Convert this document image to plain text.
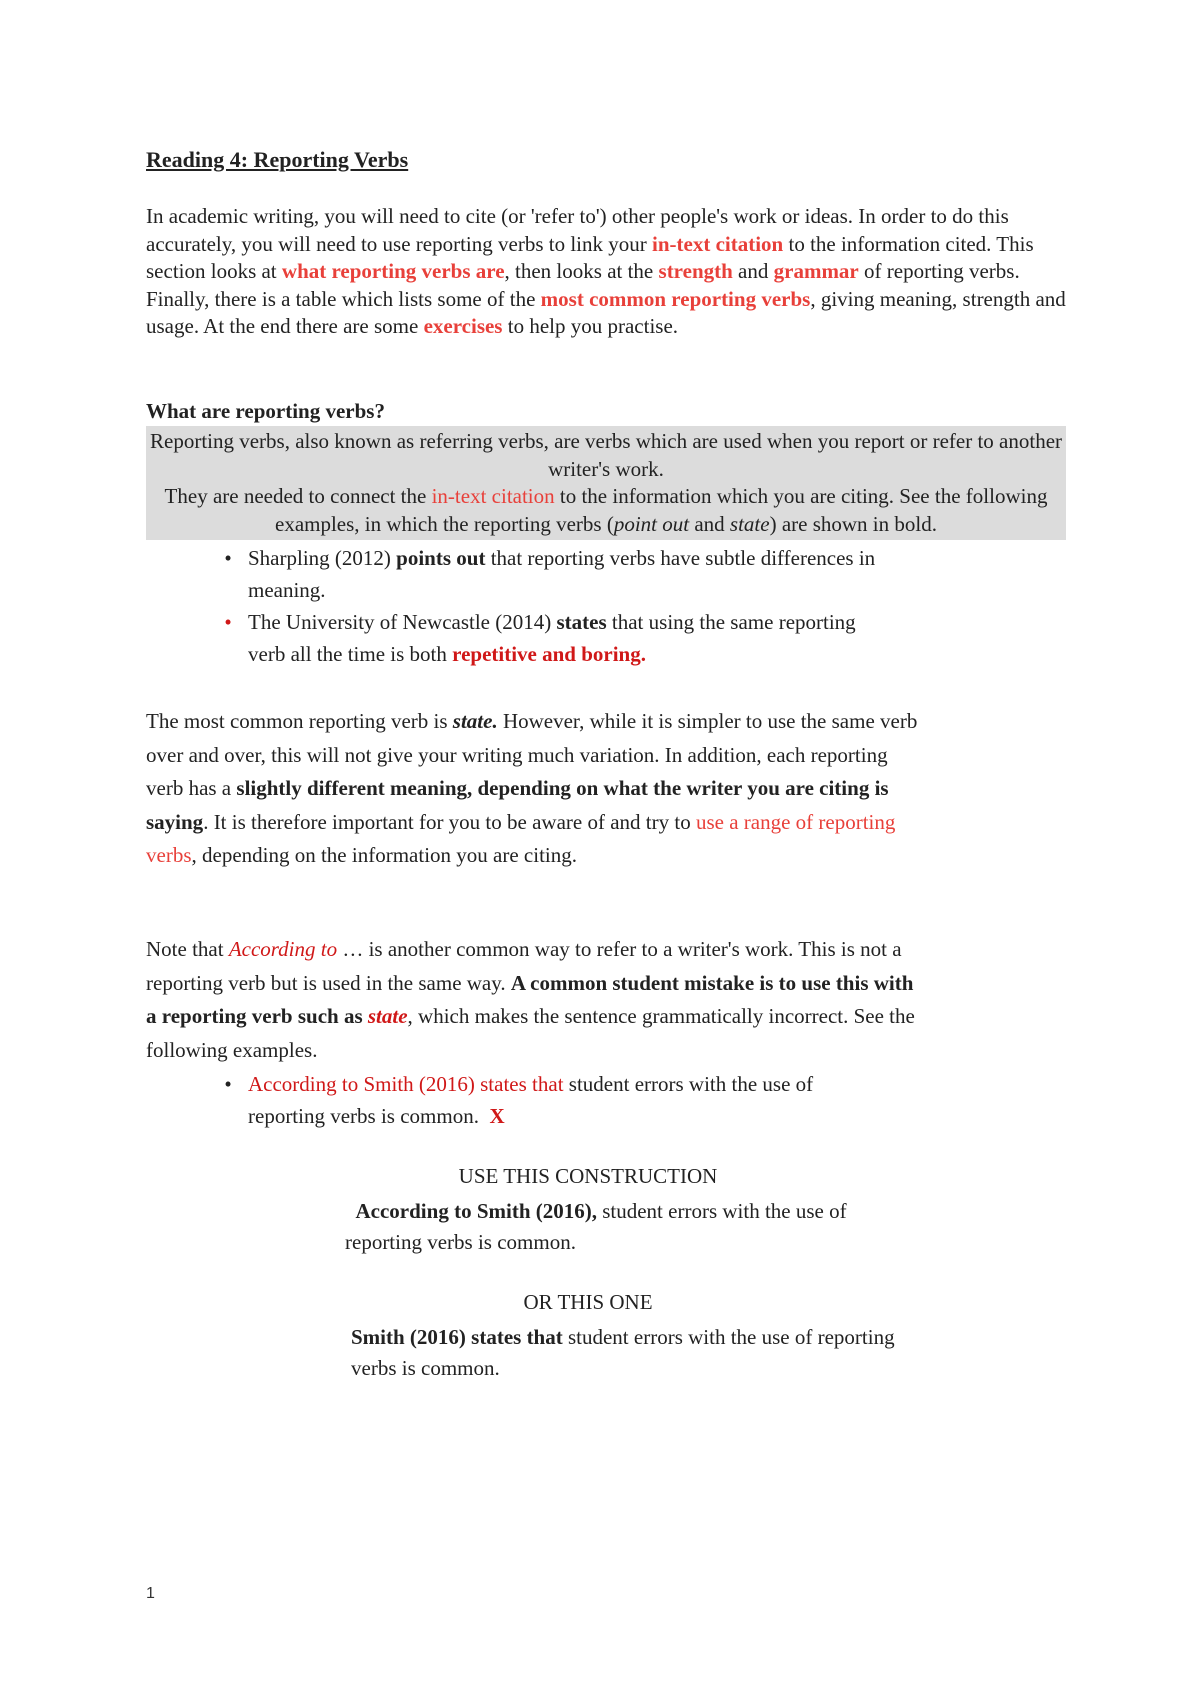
Reading 4: Reporting Verbs
In academic writing, you will need to cite (or 'refer to') other people's work or ideas. In order to do this accurately, you will need to use reporting verbs to link your in-text citation to the information cited. This section looks at what reporting verbs are, then looks at the strength and grammar of reporting verbs. Finally, there is a table which lists some of the most common reporting verbs, giving meaning, strength and usage. At the end there are some exercises to help you practise.
What are reporting verbs?
Reporting verbs, also known as referring verbs, are verbs which are used when you report or refer to another writer's work.
They are needed to connect the in-text citation to the information which you are citing. See the following examples, in which the reporting verbs (point out and state) are shown in bold.
• Sharpling (2012) points out that reporting verbs have subtle differences in meaning.
• The University of Newcastle (2014) states that using the same reporting verb all the time is both repetitive and boring.
The most common reporting verb is state. However, while it is simpler to use the same verb over and over, this will not give your writing much variation. In addition, each reporting verb has a slightly different meaning, depending on what the writer you are citing is saying. It is therefore important for you to be aware of and try to use a range of reporting verbs, depending on the information you are citing.
Note that According to … is another common way to refer to a writer's work. This is not a reporting verb but is used in the same way. A common student mistake is to use this with a reporting verb such as state, which makes the sentence grammatically incorrect. See the following examples.
• According to Smith (2016) states that student errors with the use of reporting verbs is common. X
USE THIS CONSTRUCTION
According to Smith (2016), student errors with the use of reporting verbs is common.
OR THIS ONE
Smith (2016) states that student errors with the use of reporting verbs is common.
1
